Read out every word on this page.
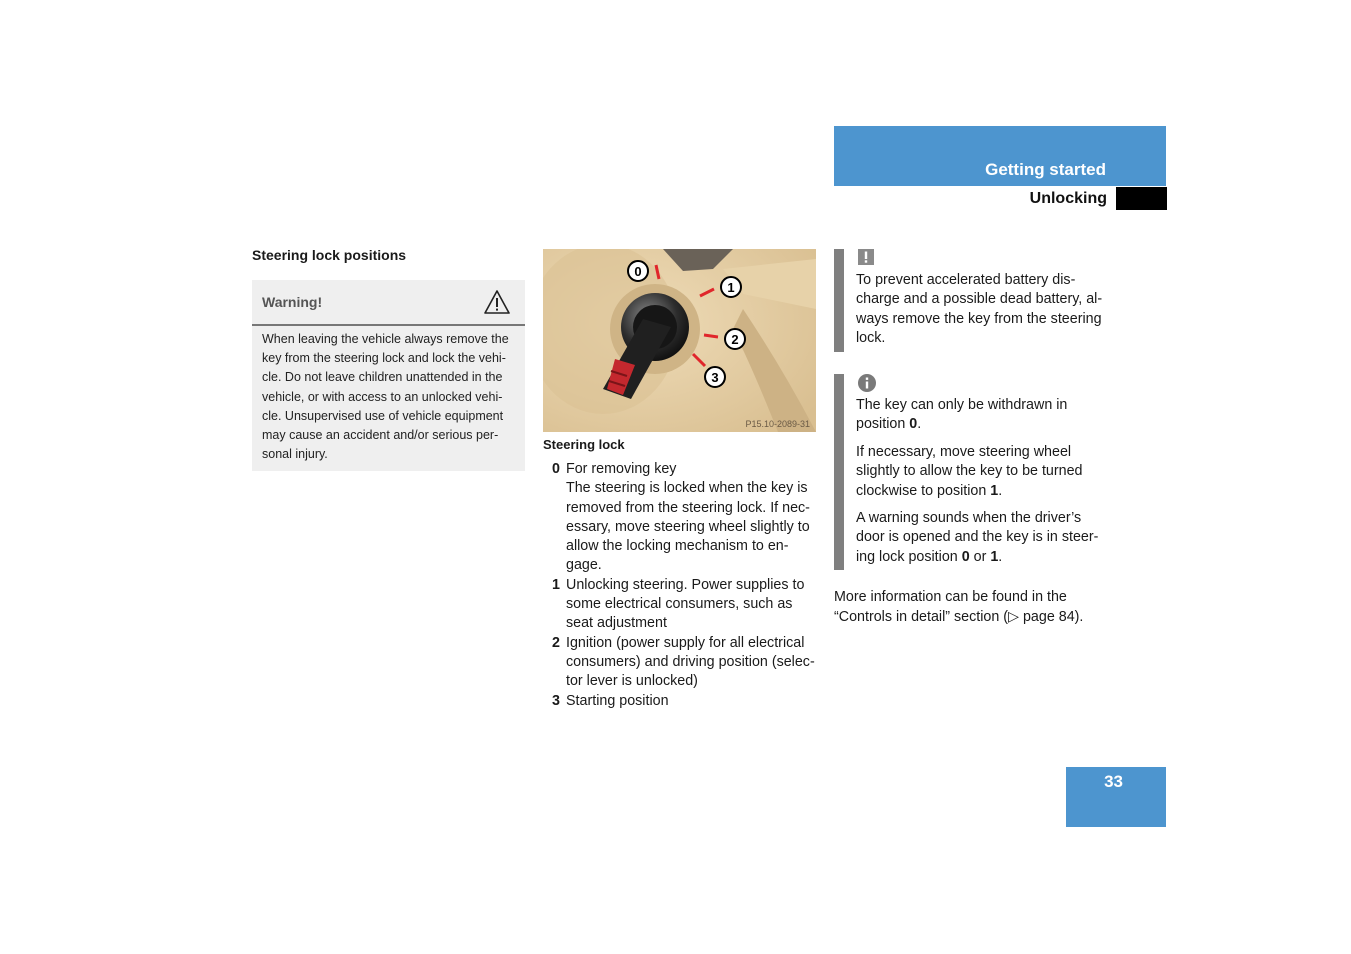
Getting started
Unlocking
Steering lock positions
Warning!
When leaving the vehicle always remove the key from the steering lock and lock the vehi-cle. Do not leave children unattended in the vehicle, or with access to an unlocked vehi-cle. Unsupervised use of vehicle equipment may cause an accident and/or serious per-sonal injury.
0
1
2
3
P15.10-2089-31
Steering lock
0 For removing key
The steering is locked when the key is removed from the steering lock. If nec-essary, move steering wheel slightly to allow the locking mechanism to en-gage.
1 Unlocking steering. Power supplies to some electrical consumers, such as seat adjustment
2 Ignition (power supply for all electrical consumers) and driving position (selec-tor lever is unlocked)
3 Starting position
To prevent accelerated battery dis-charge and a possible dead battery, al-ways remove the key from the steering lock.

The key can only be withdrawn in position 0.

If necessary, move steering wheel slightly to allow the key to be turned clockwise to position 1.

A warning sounds when the driver’s door is opened and the key is in steer-ing lock position 0 or 1.

More information can be found in the “Controls in detail” section (▷ page 84).
33
